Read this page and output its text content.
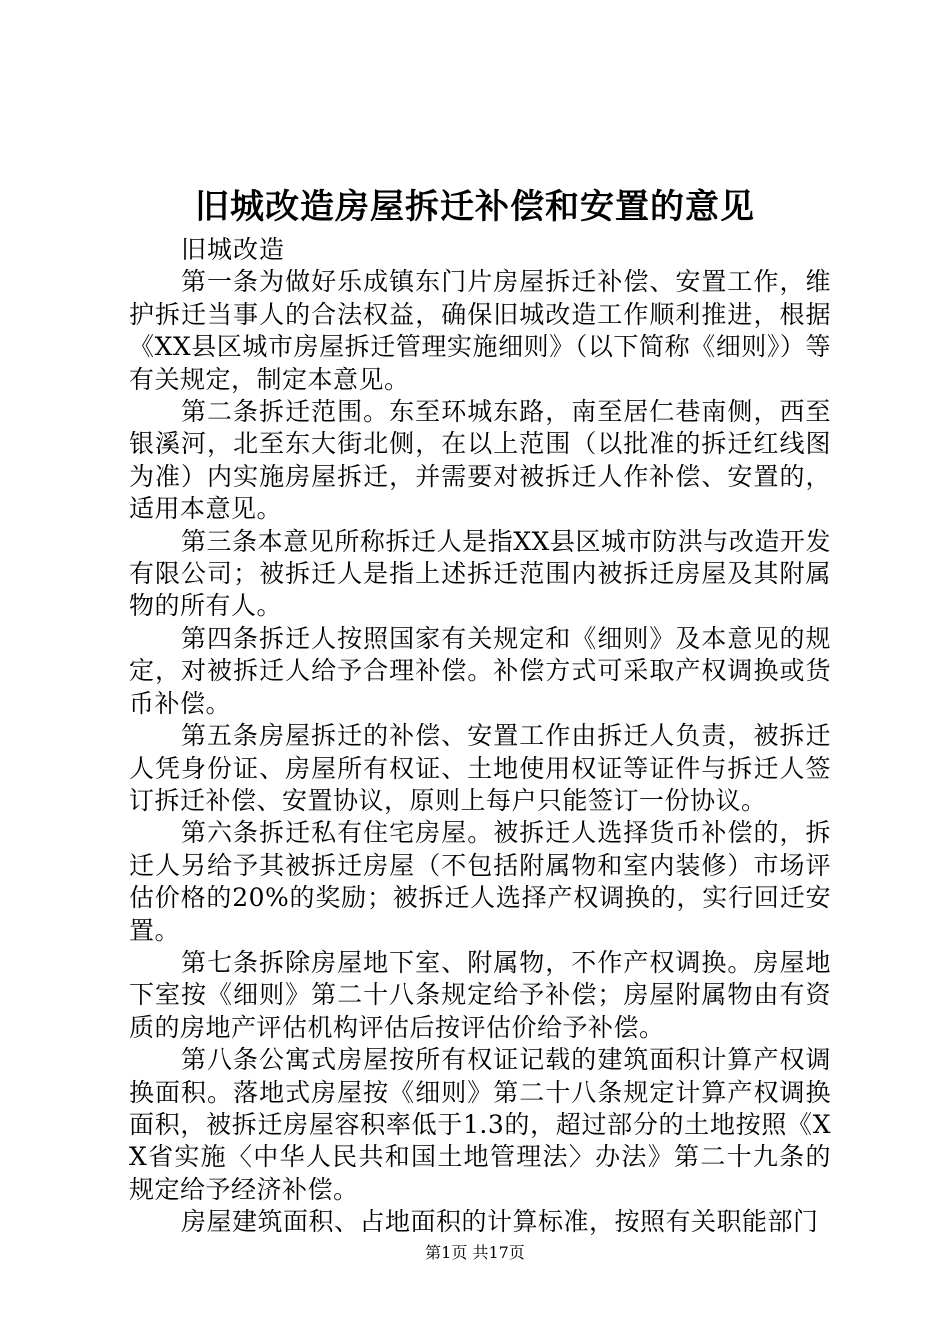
旧城改造房屋拆迁补偿和安置的意见

旧城改造

第一条为做好乐成镇东门片房屋拆迁补偿、安置工作，维护拆迁当事人的合法权益，确保旧城改造工作顺利推进，根据《XX县区城市房屋拆迁管理实施细则》（以下简称《细则》）等有关规定，制定本意见。

第二条拆迁范围。东至环城东路，南至居仁巷南侧，西至银溪河，北至东大街北侧，在以上范围（以批准的拆迁红线图为准）内实施房屋拆迁，并需要对被拆迁人作补偿、安置的，适用本意见。

第三条本意见所称拆迁人是指XX县区城市防洪与改造开发有限公司；被拆迁人是指上述拆迁范围内被拆迁房屋及其附属物的所有人。

第四条拆迁人按照国家有关规定和《细则》及本意见的规定，对被拆迁人给予合理补偿。补偿方式可采取产权调换或货币补偿。

第五条房屋拆迁的补偿、安置工作由拆迁人负责，被拆迁人凭身份证、房屋所有权证、土地使用权证等证件与拆迁人签订拆迁补偿、安置协议，原则上每户只能签订一份协议。

第六条拆迁私有住宅房屋。被拆迁人选择货币补偿的，拆迁人另给予其被拆迁房屋（不包括附属物和室内装修）市场评估价格的20%的奖励；被拆迁人选择产权调换的，实行回迁安置。

第七条拆除房屋地下室、附属物，不作产权调换。房屋地下室按《细则》第二十八条规定给予补偿；房屋附属物由有资质的房地产评估机构评估后按评估价给予补偿。

第八条公寓式房屋按所有权证记载的建筑面积计算产权调换面积。落地式房屋按《细则》第二十八条规定计算产权调换面积，被拆迁房屋容积率低于1.3的，超过部分的土地按照《XX省实施〈中华人民共和国土地管理法〉办法》第二十九条的规定给予经济补偿。

房屋建筑面积、占地面积的计算标准，按照有关职能部门

第1页 共17页
